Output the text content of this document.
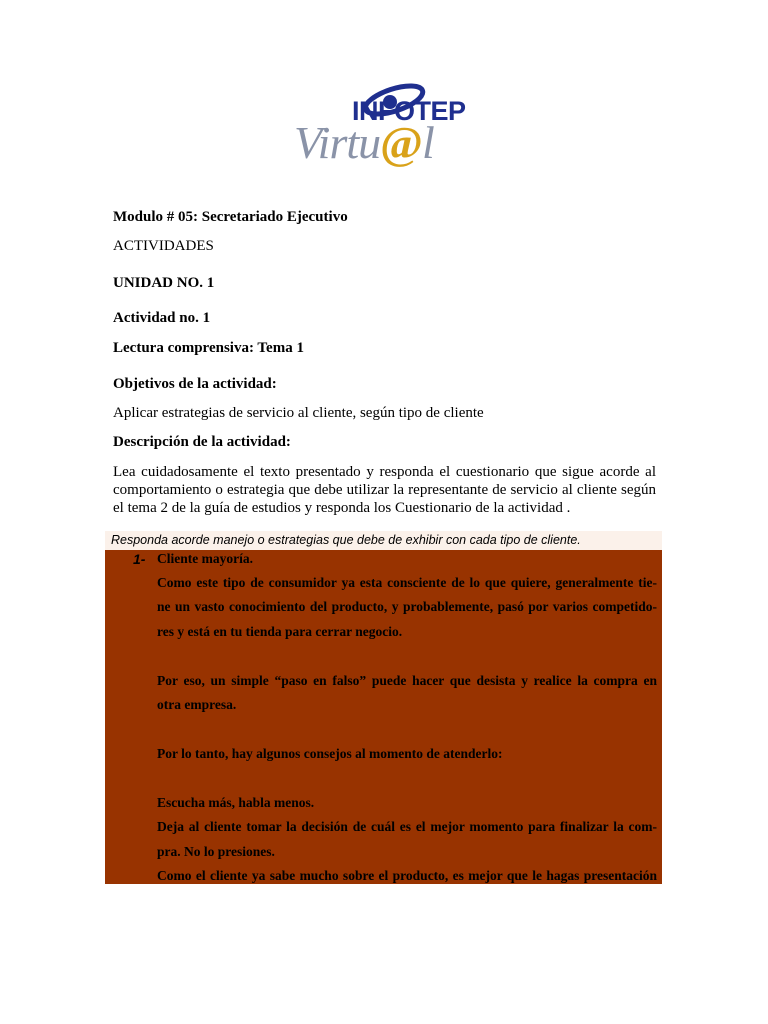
INFOTEP
Virtu@l
Modulo # 05: Secretariado Ejecutivo
ACTIVIDADES
UNIDAD NO. 1
Actividad no. 1
Lectura comprensiva: Tema 1
Objetivos de la actividad:
Aplicar estrategias de servicio al cliente, según tipo de cliente
Descripción de la actividad:
Lea cuidadosamente el texto presentado y responda el cuestionario que sigue acorde al
comportamiento o estrategia que debe utilizar la representante de servicio al cliente según
el tema 2 de la guía de estudios y responda los Cuestionario de la actividad .
Responda acorde manejo o estrategias que debe de exhibir con cada tipo de cliente.
1- Cliente mayoría.
Como este tipo de consumidor ya esta consciente de lo que quiere, generalmente tie-
ne un vasto conocimiento del producto, y probablemente, pasó por varios competido-
res y está en tu tienda para cerrar negocio.
Por eso, un simple “paso en falso” puede hacer que desista y realice la compra en
otra empresa.
Por lo tanto, hay algunos consejos al momento de atenderlo:
Escucha más, habla menos.
Deja al cliente tomar la decisión de cuál es el mejor momento para finalizar la com-
pra. No lo presiones.
Como el cliente ya sabe mucho sobre el producto, es mejor que le hagas presentación
